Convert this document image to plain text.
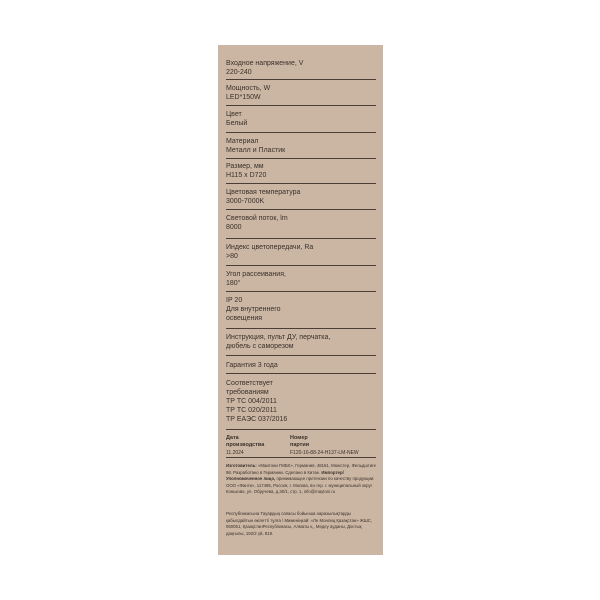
Входное напряжение, V
220-240
Мощность, W
LED*150W
Цвет
Белый
Материал
Металл и Пластик
Размер, мм
H115 x D720
Цветовая температура
3000-7000K
Световой поток, lm
8000
Индекс цветопередачи, Ra
>80
Угол рассеивания,
180°
IP 20
Для внутреннего
освещения
Инструкция, пульт ДУ, перчатка,
дюбель с саморезом
Гарантия 3 года
Соответствует
требованиям
ТР ТС 004/2011
ТР ТС 020/2011
ТР ЕАЭС 037/2016
Дата
производства
11.2024
Номер
партии
F120-16-88-24-H137-LM-NEW
Изготовитель: «Маитони ГМБХ», Германия, 48161, Мюнстер, Фельдштиге 98. Разработано в Германии. Сделано в Китае. Импортер/ Уполномоченное лицо, принимающее претензии по качеству продукции: ООО «Фанти», 117485, Россия, г. Москва, вн.тер. г. муниципальный округ Коньково, ул. Обручева, д.30/1, стр. 1, info@maytoni.ru
Республикасына Тауардың сапасы бойынша наразылықтарды қабылдайтын өкілетті тұлға \ Мименіңкай: «Ле Монлиц Қазақстан» ЖШС, 050051, ҚазақстанРеспубликасы, Алматы қ., Медеу ауданы, Достық даңғылы, 192/2 үй, 819.
